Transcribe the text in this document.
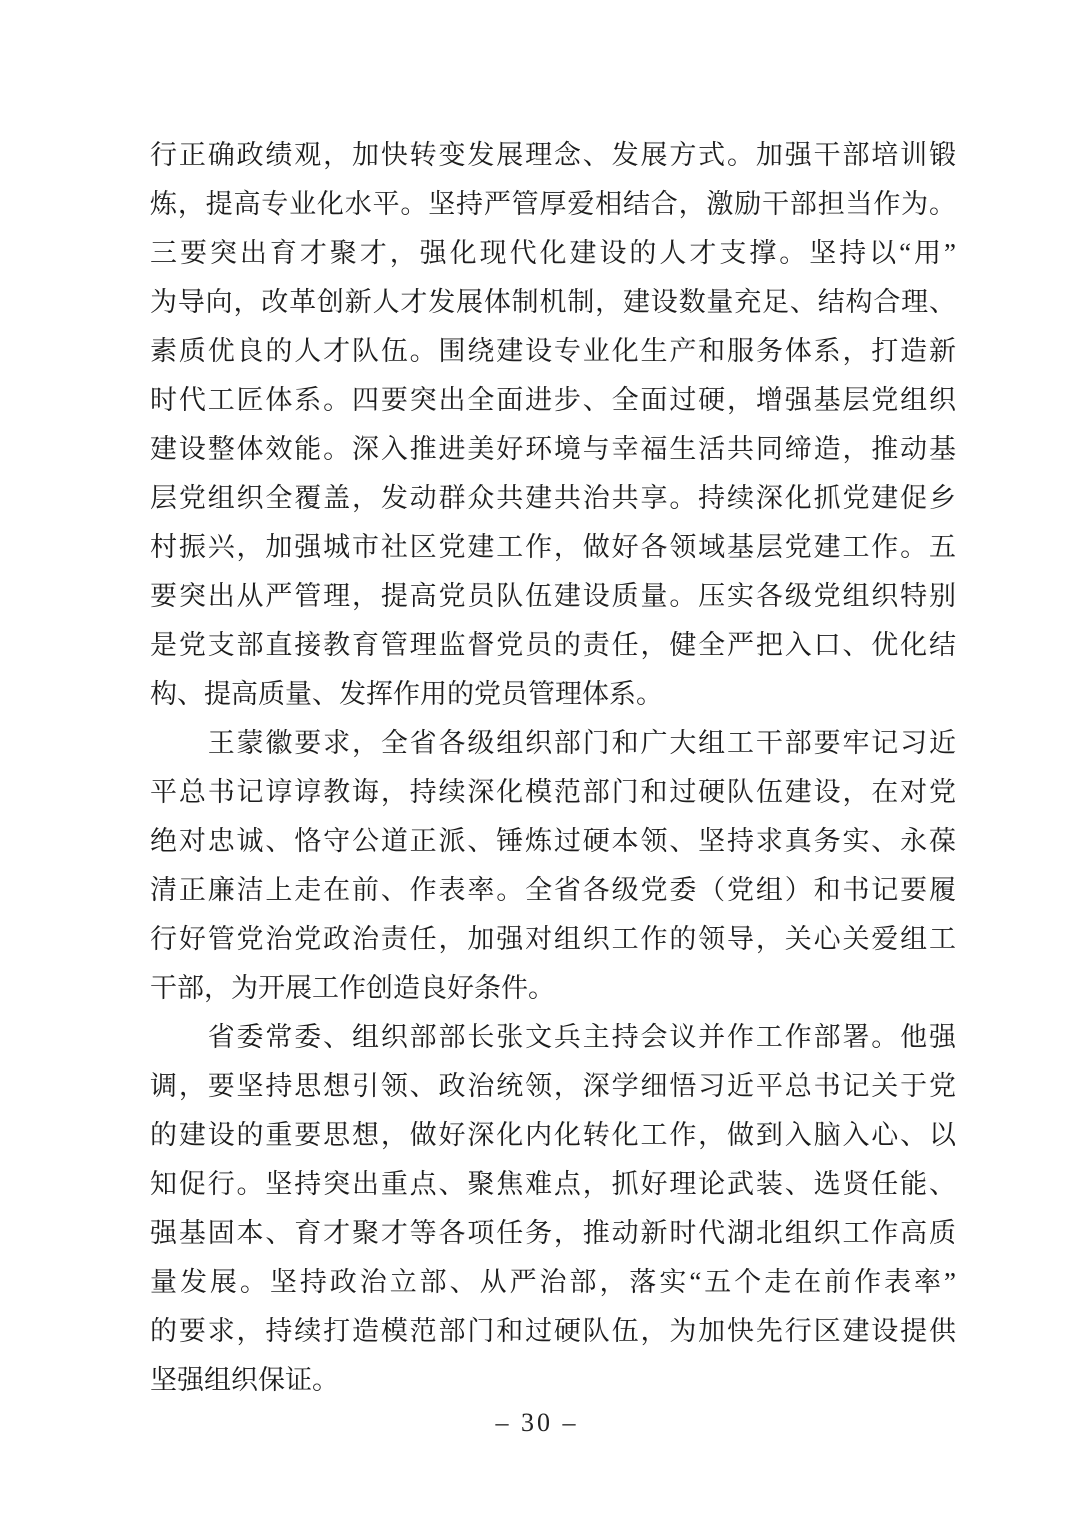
行正确政绩观，加快转变发展理念、发展方式。加强干部培训锻
炼，提高专业化水平。坚持严管厚爱相结合，激励干部担当作为。
三要突出育才聚才，强化现代化建设的人才支撑。坚持以“用”
为导向，改革创新人才发展体制机制，建设数量充足、结构合理、
素质优良的人才队伍。围绕建设专业化生产和服务体系，打造新
时代工匠体系。四要突出全面进步、全面过硬，增强基层党组织
建设整体效能。深入推进美好环境与幸福生活共同缔造，推动基
层党组织全覆盖，发动群众共建共治共享。持续深化抓党建促乡
村振兴，加强城市社区党建工作，做好各领域基层党建工作。五
要突出从严管理，提高党员队伍建设质量。压实各级党组织特别
是党支部直接教育管理监督党员的责任，健全严把入口、优化结
构、提高质量、发挥作用的党员管理体系。
　　王蒙徽要求，全省各级组织部门和广大组工干部要牢记习近
平总书记谆谆教诲，持续深化模范部门和过硬队伍建设，在对党
绝对忠诚、恪守公道正派、锤炼过硬本领、坚持求真务实、永葆
清正廉洁上走在前、作表率。全省各级党委（党组）和书记要履
行好管党治党政治责任，加强对组织工作的领导，关心关爱组工
干部，为开展工作创造良好条件。
　　省委常委、组织部部长张文兵主持会议并作工作部署。他强
调，要坚持思想引领、政治统领，深学细悟习近平总书记关于党
的建设的重要思想，做好深化内化转化工作，做到入脑入心、以
知促行。坚持突出重点、聚焦难点，抓好理论武装、选贤任能、
强基固本、育才聚才等各项任务，推动新时代湖北组织工作高质
量发展。坚持政治立部、从严治部，落实“五个走在前作表率”
的要求，持续打造模范部门和过硬队伍，为加快先行区建设提供
坚强组织保证。
– 30 –
